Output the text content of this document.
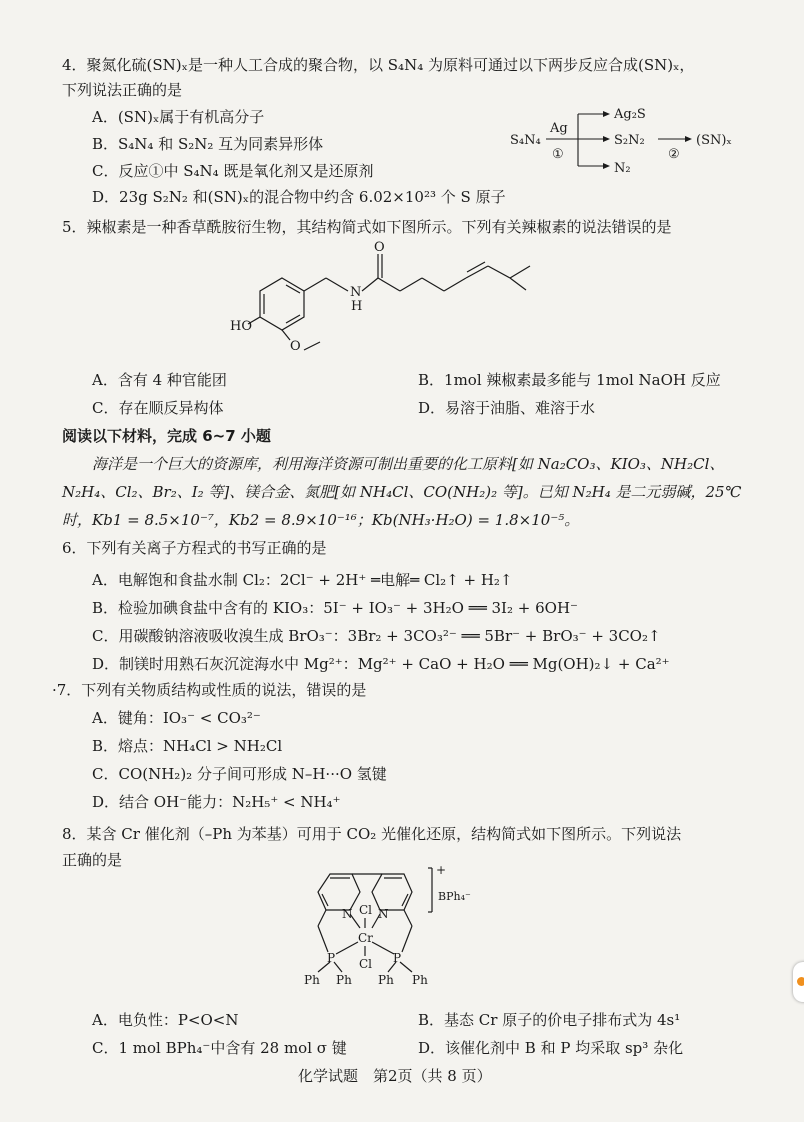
4．聚氮化硫(SN)ₓ是一种人工合成的聚合物，以 S₄N₄ 为原料可通过以下两步反应合成(SN)ₓ，
下列说法正确的是
A．(SN)ₓ属于有机高分子
B．S₄N₄ 和 S₂N₂ 互为同素异形体
C．反应①中 S₄N₄ 既是氧化剂又是还原剂
D．23g S₂N₂ 和(SN)ₓ的混合物中约含 6.02×10²³ 个 S 原子
S₄N₄
Ag
①
Ag₂S
S₂N₂
N₂
②
(SN)ₓ
5．辣椒素是一种香草酰胺衍生物，其结构简式如下图所示。下列有关辣椒素的说法错误的是
O
N
H
HO
O
A．含有 4 种官能团	B．1mol 辣椒素最多能与 1mol NaOH 反应
C．存在顺反异构体	D．易溶于油脂、难溶于水
阅读以下材料，完成 6~7 小题
海洋是一个巨大的资源库，利用海洋资源可制出重要的化工原料[如 Na₂CO₃、KIO₃、NH₂Cl、
N₂H₄、Cl₂、Br₂、I₂ 等]、镁合金、氮肥[如 NH₄Cl、CO(NH₂)₂ 等]。已知 N₂H₄ 是二元弱碱，25℃
时，Kb1 = 8.5×10⁻⁷，Kb2 = 8.9×10⁻¹⁶；Kb(NH₃·H₂O) = 1.8×10⁻⁵。
6．下列有关离子方程式的书写正确的是
A．电解饱和食盐水制 Cl₂：2Cl⁻ + 2H⁺ ═电解═ Cl₂↑ + H₂↑
B．检验加碘食盐中含有的 KIO₃：5I⁻ + IO₃⁻ + 3H₂O ══ 3I₂ + 6OH⁻
C．用碳酸钠溶液吸收溴生成 BrO₃⁻：3Br₂ + 3CO₃²⁻ ══ 5Br⁻ + BrO₃⁻ + 3CO₂↑
D．制镁时用熟石灰沉淀海水中 Mg²⁺：Mg²⁺ + CaO + H₂O ══ Mg(OH)₂↓ + Ca²⁺
·7．下列有关物质结构或性质的说法，错误的是
A．键角：IO₃⁻ < CO₃²⁻
B．熔点：NH₄Cl > NH₂Cl
C．CO(NH₂)₂ 分子间可形成 N–H···O 氢键
D．结合 OH⁻能力：N₂H₅⁺ < NH₄⁺
8．某含 Cr 催化剂（–Ph 为苯基）可用于 CO₂ 光催化还原，结构简式如下图所示。下列说法
正确的是
+
BPh₄⁻
N N
Cl
Cr
Cl
P	P
Ph Ph Ph Ph
A．电负性：P<O<N	B．基态 Cr 原子的价电子排布式为 4s¹
C．1 mol BPh₄⁻中含有 28 mol σ 键	D．该催化剂中 B 和 P 均采取 sp³ 杂化
化学试题　第2页（共 8 页）
